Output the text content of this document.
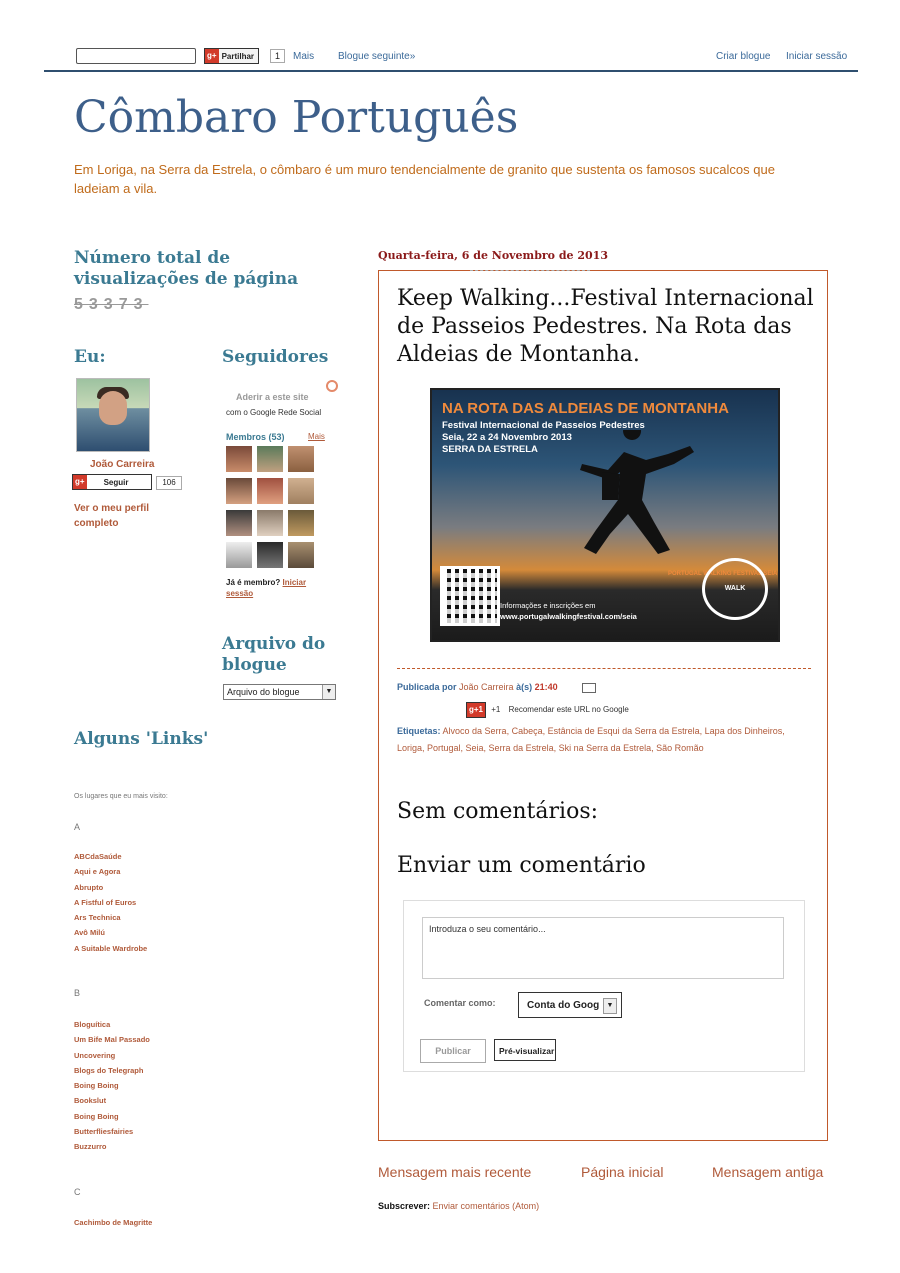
g+ Partilhar	1	Mais Blogue seguinte»	Criar blogue Iniciar sessão
Cômbaro Português
Em Loriga, na Serra da Estrela, o cômbaro é um muro tendencialmente de granito que sustenta os famosos sucalcos que ladeiam a vila.
Número total de visualizações de página
53373
Eu:
João Carreira
g+ Seguir	106
Ver o meu perfil completo
Seguidores
Aderir a este site
com o Google Rede Social
Membros (53)	Mais
Já é membro? Iniciar sessão
Arquivo do blogue
Arquivo do blogue	▼
Alguns 'Links'
Os lugares que eu mais visito:
A
ABCdaSaúde
Aqui e Agora
Abrupto
A Fistful of Euros
Ars Technica
Avô Milú
A Suitable Wardrobe
B
Bloguítica
Um Bife Mal Passado
Uncovering
Blogs do Telegraph
Boing Boing
Bookslut
Boing Boing
Butterfliesfairies
Buzzurro
C
Cachimbo de Magritte
Quarta-feira, 6 de Novembro de 2013
Keep Walking...Festival Internacional de Passeios Pedestres. Na Rota das Aldeias de Montanha.
NA ROTA DAS ALDEIAS DE MONTANHA
Festival Internacional de Passeios Pedestres
Seia, 22 a 24 Novembro 2013
SERRA DA ESTRELA
PORTUGAL WALKING FESTIVAL SEIA
WALK
Informações e inscrições em
www.portugalwalkingfestival.com/seia
Publicada por João Carreira à(s) 21:40
g+1 +1 Recomendar este URL no Google
Etiquetas: Alvoco da Serra, Cabeça, Estância de Esqui da Serra da Estrela, Lapa dos Dinheiros, Loriga, Portugal, Seia, Serra da Estrela, Ski na Serra da Estrela, São Romão
Sem comentários:
Enviar um comentário
Introduza o seu comentário...
Comentar como:	Conta do Goog	▼
Publicar	Pré-visualizar
Mensagem mais recente	Página inicial	Mensagem antiga
Subscrever: Enviar comentários (Atom)
